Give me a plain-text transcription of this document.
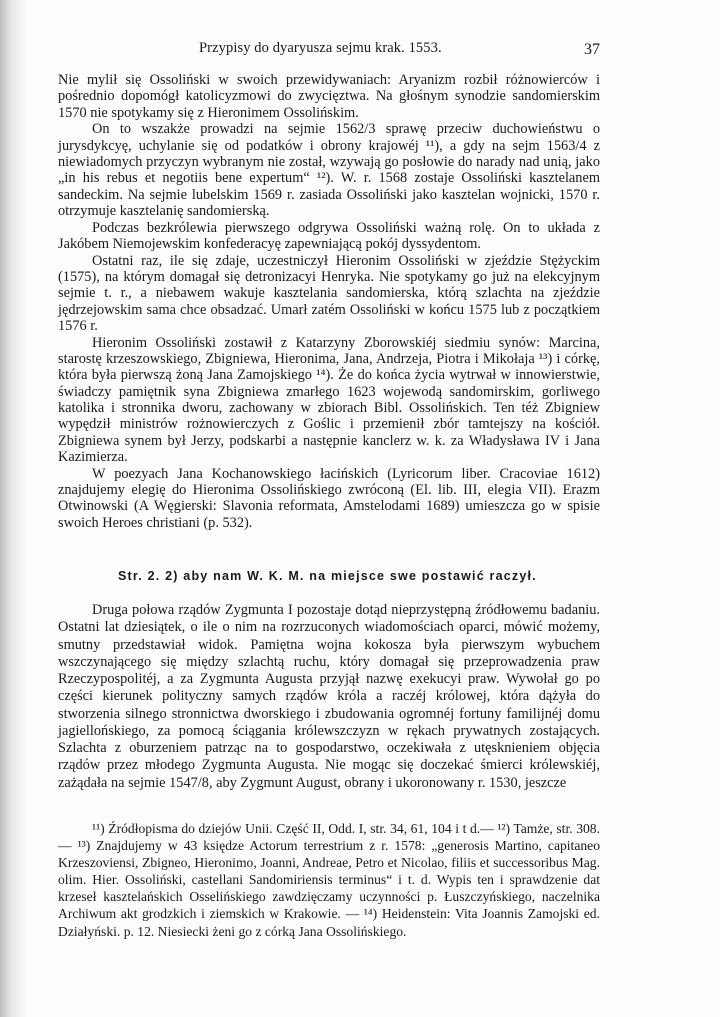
Przypisy do dyaryusza sejmu krak. 1553.	37

Nie mylił się Ossoliński w swoich przewidywaniach: Aryanizm rozbił różnowierców i pośrednio dopomógł katolicyzmowi do zwycięztwa. Na głośnym synodzie sandomierskim 1570 nie spotykamy się z Hieronimem Ossolińskim.

On to wszakże prowadzi na sejmie 1562/3 sprawę przeciw duchowieństwu o jurysdykcyę, uchylanie się od podatków i obrony krajowéj ¹¹), a gdy na sejm 1563/4 z niewiadomych przyczyn wybranym nie został, wzywają go posłowie do narady nad unią, jako „in his rebus et negotiis bene expertum“ ¹²). W. r. 1568 zostaje Ossoliński kasztelanem sandeckim. Na sejmie lubelskim 1569 r. zasiada Ossoliński jako kasztelan wojnicki, 1570 r. otrzymuje kasztelanię sandomierską.

Podczas bezkrólewia pierwszego odgrywa Ossoliński ważną rolę. On to układa z Jakóbem Niemojewskim konfederacyę zapewniającą pokój dyssydentom.

Ostatni raz, ile się zdaje, uczestniczył Hieronim Ossoliński w zjeździe Stężyckim (1575), na którym domagał się detronizacyi Henryka. Nie spotykamy go już na elekcyjnym sejmie t. r., a niebawem wakuje kasztelania sandomierska, którą szlachta na zjeździe jędrzejowskim sama chce obsadzać. Umarł zatém Ossoliński w końcu 1575 lub z początkiem 1576 r.

Hieronim Ossoliński zostawił z Katarzyny Zborowskiéj siedmiu synów: Marcina, starostę krzeszowskiego, Zbigniewa, Hieronima, Jana, Andrzeja, Piotra i Mikołaja ¹³) i córkę, która była pierwszą żoną Jana Zamojskiego ¹⁴). Że do końca życia wytrwał w innowierstwie, świadczy pamiętnik syna Zbigniewa zmarłego 1623 wojewodą sandomirskim, gorliwego katolika i stronnika dworu, zachowany w zbiorach Bibl. Ossolińskich. Ten téż Zbigniew wypędził ministrów rożnowierczych z Goślic i przemienił zbór tamtejszy na kościół. Zbigniewa synem był Jerzy, podskarbi a następnie kanclerz w. k. za Władysława IV i Jana Kazimierza.

W poezyach Jana Kochanowskiego łacińskich (Lyricorum liber. Cracoviae 1612) znajdujemy elegię do Hieronima Ossolińskiego zwróconą (El. lib. III, elegia VII). Erazm Otwinowski (A Węgierski: Slavonia reformata, Amstelodami 1689) umieszcza go w spisie swoich Heroes christiani (p. 532).

Str. 2. 2) aby nam W. K. M. na miejsce swe postawić raczył.

Druga połowa rządów Zygmunta I pozostaje dotąd nieprzystępną źródłowemu badaniu. Ostatni lat dziesiątek, o ile o nim na rozrzuconych wiadomościach oparci, mówić możemy, smutny przedstawiał widok. Pamiętna wojna kokosza była pierwszym wybuchem wszczynającego się między szlachtą ruchu, który domagał się przeprowadzenia praw Rzeczypospolitéj, a za Zygmunta Augusta przyjął nazwę exekucyi praw. Wywołał go po części kierunek polityczny samych rządów króla a raczéj królowej, która dążyła do stworzenia silnego stronnictwa dworskiego i zbudowania ogromnéj fortuny familijnéj domu jagiellońskiego, za pomocą ściągania królewszczyzn w rękach prywatnych zostających. Szlachta z oburzeniem patrząc na to gospodarstwo, oczekiwała z utęsknieniem objęcia rządów przez młodego Zygmunta Augusta. Nie mogąc się doczekać śmierci królewskiéj, zażądała na sejmie 1547/8, aby Zygmunt August, obrany i ukoronowany r. 1530, jeszcze

¹¹) Źródłopisma do dziejów Unii. Część II, Odd. I, str. 34, 61, 104 i t d.— ¹²) Tamże, str. 308. — ¹³) Znajdujemy w 43 księdze Actorum terrestrium z r. 1578: „generosis Martino, capitaneo Krzeszoviensi, Zbigneo, Hieronimo, Joanni, Andreae, Petro et Nicolao, filiis et successoribus Mag. olim. Hier. Ossoliński, castellani Sandomiriensis terminus“ i t. d. Wypis ten i sprawdzenie dat krzeseł kasztelańskich Osselińskiego zawdzięczamy uczynności p. Łuszczyńskiego, naczelnika Archiwum akt grodzkich i ziemskich w Krakowie. — ¹⁴) Heidenstein: Vita Joannis Zamojski ed. Działyński. p. 12. Niesiecki żeni go z córką Jana Ossolińskiego.
